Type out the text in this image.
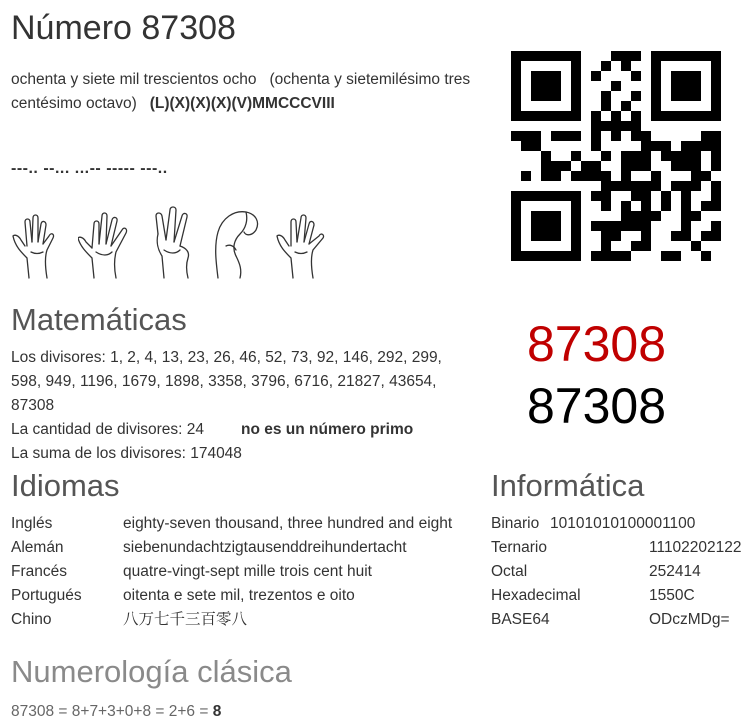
Número 87308
ochenta y siete mil trescientos ocho (ochenta y sietemilésimo trescentésimo octavo) (L)(X)(X)(X)(V)MMCCCVIII
---.. --... ...-- ----- ---..
Matemáticas
Los divisores: 1, 2, 4, 13, 23, 26, 46, 52, 73, 92, 146, 292, 299, 598, 949, 1196, 1679, 1898, 3358, 3796, 6716, 21827, 43654, 87308
La cantidad de divisores: 24 no es un número primo
La suma de los divisores: 174048
87308
87308
Idiomas
Inglés	eighty-seven thousand, three hundred and eight
Alemán	siebenundachtzigtausenddreihundertacht
Francés	quatre-vingt-sept mille trois cent huit
Portugués	oitenta e sete mil, trezentos e oito
Chino	八万七千三百零八
Informática
Binario 10101010100001100
Ternario	11102202122
Octal	252414
Hexadecimal	1550C
BASE64	ODczMDg=
Numerología clásica
87308 = 8+7+3+0+8 = 2+6 = 8
